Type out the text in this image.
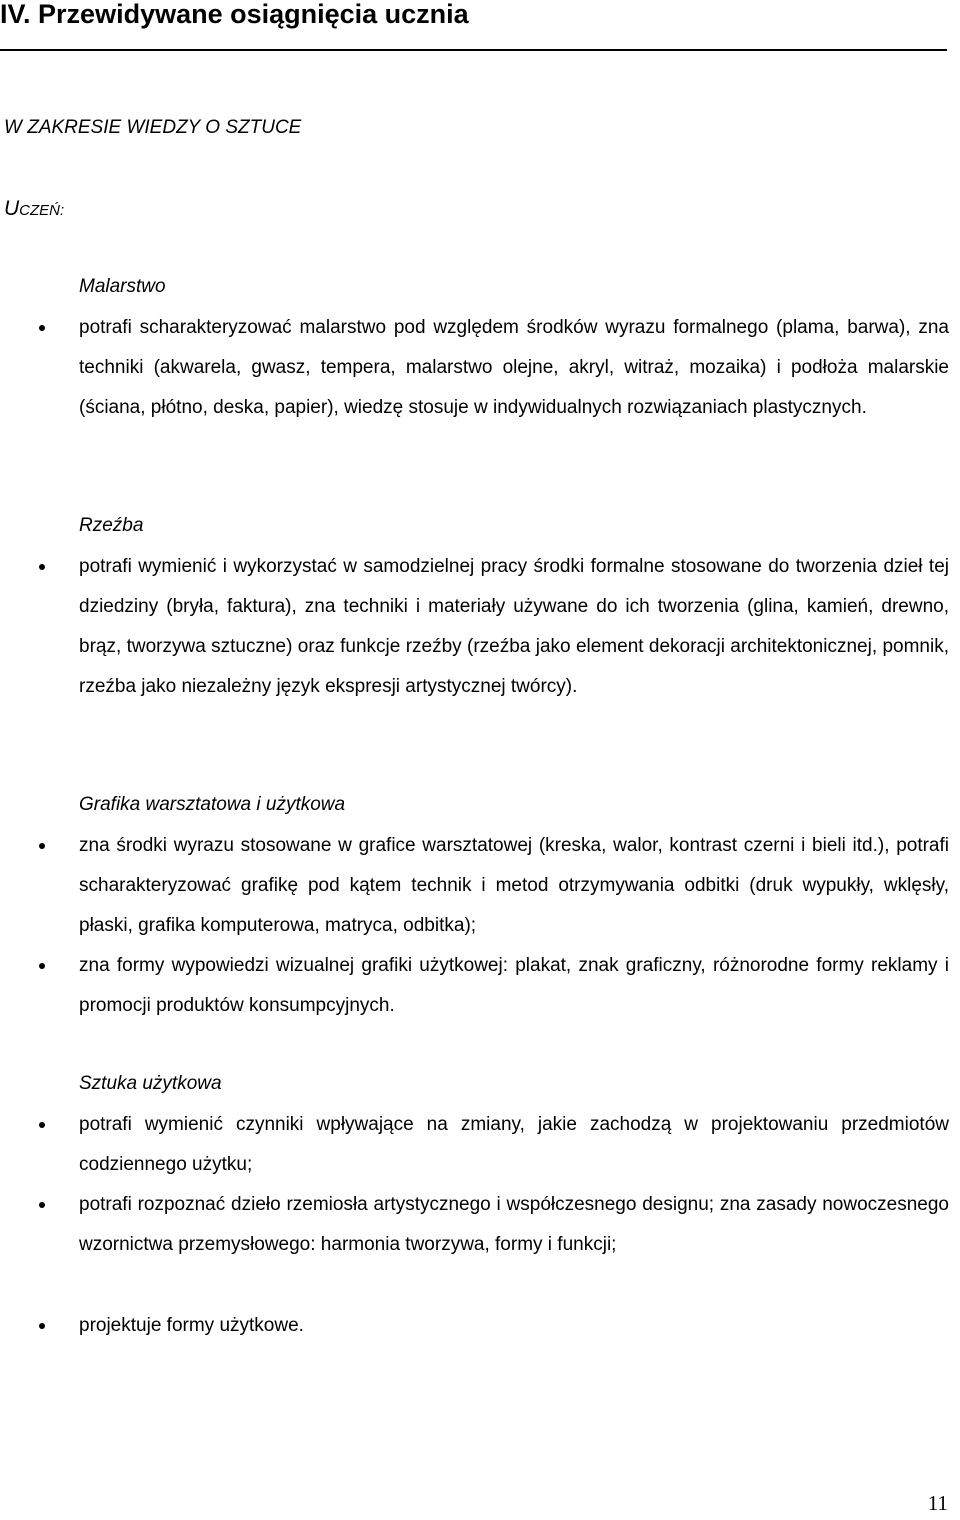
IV. Przewidywane osiągnięcia ucznia
W ZAKRESIE WIEDZY O SZTUCE
UCZEŃ:
Malarstwo
potrafi scharakteryzować malarstwo pod względem środków wyrazu formalnego (plama, barwa), zna techniki (akwarela, gwasz, tempera, malarstwo olejne, akryl, witraż, mozaika) i podłoża malarskie (ściana, płótno, deska, papier), wiedzę stosuje w indywidualnych rozwiązaniach plastycznych.
Rzeźba
potrafi wymienić i wykorzystać w samodzielnej pracy środki formalne stosowane do tworzenia dzieł tej dziedziny (bryła, faktura), zna techniki i materiały używane do ich tworzenia (glina, kamień, drewno, brąz, tworzywa sztuczne) oraz funkcje rzeźby (rzeźba jako element dekoracji architektonicznej, pomnik, rzeźba jako niezależny język ekspresji artystycznej twórcy).
Grafika warsztatowa i użytkowa
zna środki wyrazu stosowane w grafice warsztatowej (kreska, walor, kontrast czerni i bieli itd.), potrafi scharakteryzować grafikę pod kątem technik i metod otrzymywania odbitki (druk wypukły, wklęsły, płaski, grafika komputerowa, matryca, odbitka);
zna formy wypowiedzi wizualnej grafiki użytkowej: plakat, znak graficzny, różnorodne formy reklamy i promocji produktów konsumpcyjnych.
Sztuka użytkowa
potrafi wymienić czynniki wpływające na zmiany, jakie zachodzą w projektowaniu przedmiotów codziennego użytku;
potrafi rozpoznać dzieło rzemiosła artystycznego i współczesnego designu; zna zasady nowoczesnego wzornictwa przemysłowego: harmonia tworzywa, formy i funkcji;
projektuje formy użytkowe.
11
